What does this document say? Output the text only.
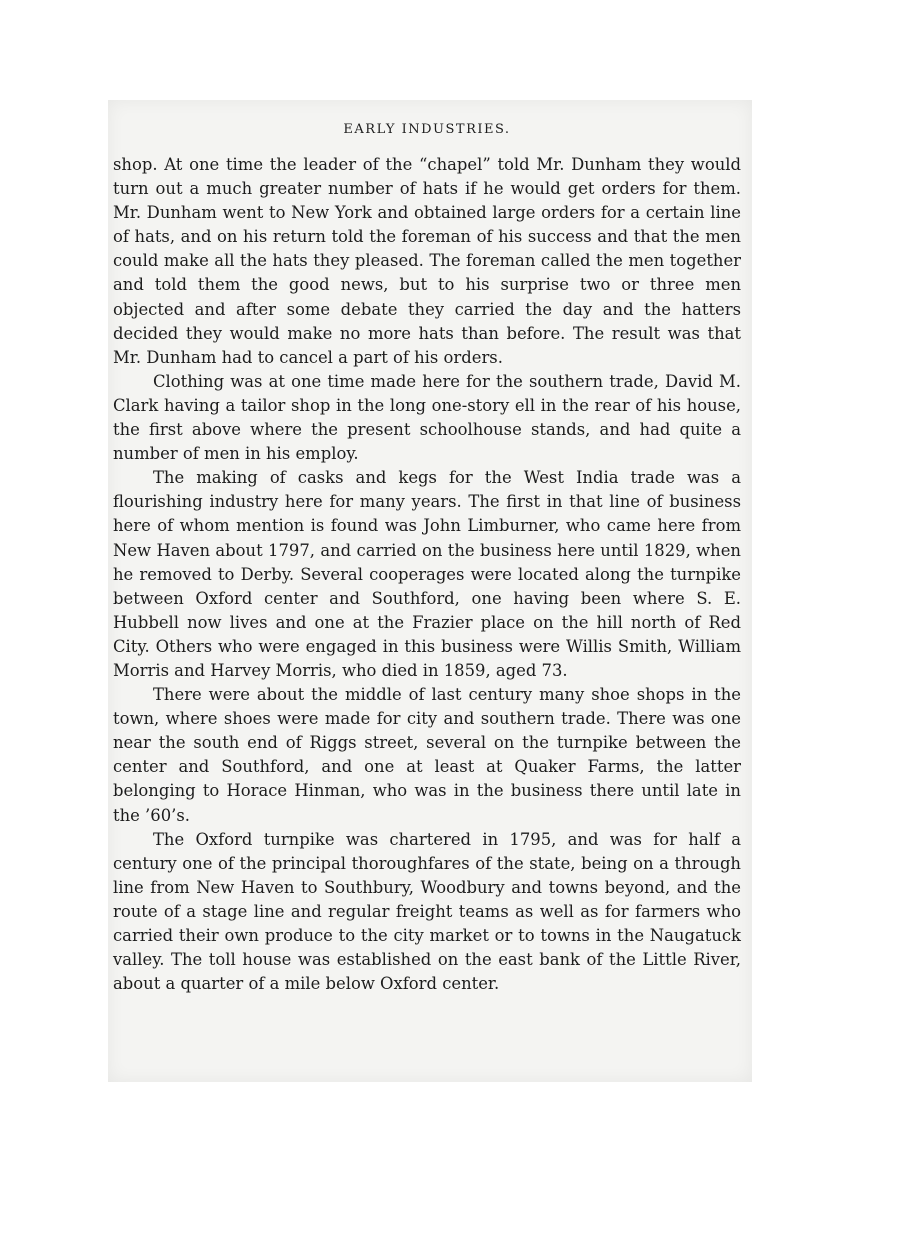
EARLY INDUSTRIES.

shop. At one time the leader of the “chapel” told Mr. Dunham they would turn out a much greater number of hats if he would get orders for them. Mr. Dunham went to New York and obtained large orders for a certain line of hats, and on his return told the foreman of his success and that the men could make all the hats they pleased. The foreman called the men together and told them the good news, but to his surprise two or three men objected and after some debate they carried the day and the hatters decided they would make no more hats than before. The result was that Mr. Dunham had to cancel a part of his orders.

Clothing was at one time made here for the southern trade, David M. Clark having a tailor shop in the long one-story ell in the rear of his house, the first above where the present schoolhouse stands, and had quite a number of men in his employ.

The making of casks and kegs for the West India trade was a flourishing industry here for many years. The first in that line of business here of whom mention is found was John Limburner, who came here from New Haven about 1797, and carried on the business here until 1829, when he removed to Derby. Several cooperages were located along the turnpike between Oxford center and Southford, one having been where S. E. Hubbell now lives and one at the Frazier place on the hill north of Red City. Others who were engaged in this business were Willis Smith, William Morris and Harvey Morris, who died in 1859, aged 73.

There were about the middle of last century many shoe shops in the town, where shoes were made for city and southern trade. There was one near the south end of Riggs street, several on the turnpike between the center and Southford, and one at least at Quaker Farms, the latter belonging to Horace Hinman, who was in the business there until late in the ’60’s.

The Oxford turnpike was chartered in 1795, and was for half a century one of the principal thoroughfares of the state, being on a through line from New Haven to Southbury, Woodbury and towns beyond, and the route of a stage line and regular freight teams as well as for farmers who carried their own produce to the city market or to towns in the Naugatuck valley. The toll house was established on the east bank of the Little River, about a quarter of a mile below Oxford center.
